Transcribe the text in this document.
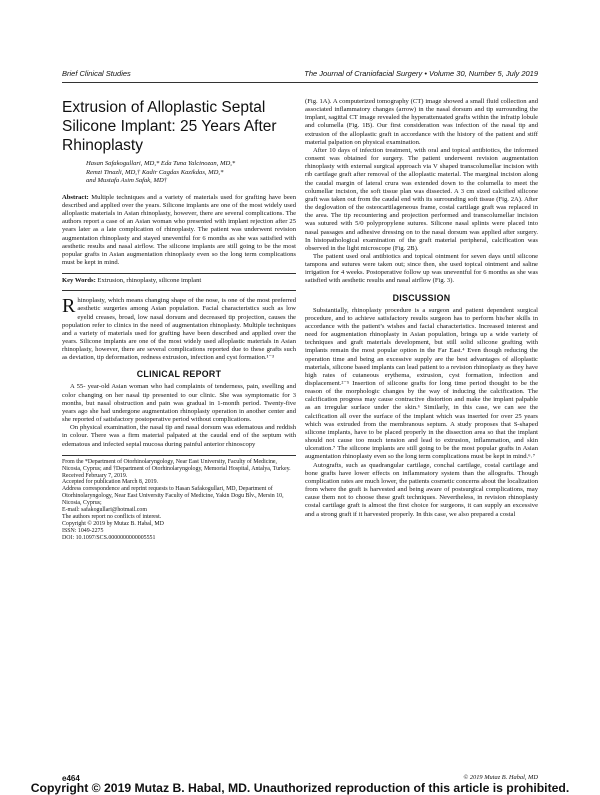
Brief Clinical Studies	The Journal of Craniofacial Surgery • Volume 30, Number 5, July 2019
Extrusion of Alloplastic Septal Silicone Implant: 25 Years After Rhinoplasty
Hasan Safakogullari, MD,* Eda Tuna Yalcinozan, MD,*
Remzi Tinazli, MD,† Kadir Cagdas Kazikdas, MD,*
and Mustafa Asim Safak, MD†

Abstract: Multiple techniques and a variety of materials used for grafting have been described and applied over the years. Silicone implants are one of the most widely used alloplastic materials in Asian rhinoplasty, however, there are several complications. The authors report a case of an Asian woman who presented with implant rejection after 25 years later as a late complication of rhinoplasty. The patient was underwent revision augmentation rhinoplasty and stayed uneventful for 6 months as she was satisfied with aesthetic results and nasal airflow. The silicone implants are still going to be the most popular grafts in Asian augmentation rhinoplasty even so the long term complications must be kept in mind.

Key Words: Extrusion, rhinoplasty, silicone implant

Rhinoplasty, which means changing shape of the nose, is one of the most preferred aesthetic surgeries among Asian population. Facial characteristics such as low eyelid creases, broad, low nasal dorsum and decreased tip projection, causes the population refer to clinics in the need of augmentation rhinoplasty. Multiple techniques and a variety of materials used for grafting have been described and applied over the years. Silicone implants are one of the most widely used alloplastic materials in Asian rhinoplasty, however, there are several complications reported due to these grafts such as deviation, tip deformation, redness extrusion, infection and cyst formation.¹⁻³

CLINICAL REPORT

A 55- year-old Asian woman who had complaints of tenderness, pain, swelling and color changing on her nasal tip presented to our clinic. She was symptomatic for 3 months, but nasal obstruction and pain was gradual in 1-month period. Twenty-five years ago she had undergone augmentation rhinoplasty operation in another center and she reported of satisfactory postoperative period without complications.

On physical examination, the nasal tip and nasal dorsum was edematous and reddish in colour. There was a firm material palpated at the caudal end of the septum with edematous and infected septal mucosa during painful anterior rhinoscopy

From the *Department of Otorhinolaryngology, Near East University, Faculty of Medicine, Nicosia, Cyprus; and †Department of Otorhinolaryngology, Memorial Hospital, Antalya, Turkey.

Received February 7, 2019.

Accepted for publication March 8, 2019.

Address correspondence and reprint requests to Hasan Safakogullari, MD, Department of Otorhinolaryngology, Near East University Faculty of Medicine, Yakin Dogu Blv., Mersin 10, Nicosia, Cyprus;

E-mail: safakogullari@hotmail.com

The authors report no conflicts of interest.

Copyright © 2019 by Mutaz B. Habal, MD

ISSN: 1049-2275

DOI: 10.1097/SCS.0000000000005551

(Fig. 1A). A computerized tomography (CT) image showed a small fluid collection and associated inflammatory changes (arrow) in the nasal dorsum and tip surrounding the implant, sagittal CT image revealed the hyperattenuated grafts within the infratip lobule and columella (Fig. 1B). Our first consideration was infection of the nasal tip and extrusion of the alloplastic graft in accordance with the history of the patient and stiff material palpation on physical examination.

After 10 days of infection treatment, with oral and topical antibiotics, the informed consent was obtained for surgery. The patient underwent revision augmentation rhinoplasty with external surgical approach via V shaped transcolumellar incision with rib cartilage graft after removal of the alloplastic material. The marginal incision along the caudal margin of lateral crura was extended down to the columella to meet the columellar incision, the soft tissue plan was dissected. A 3 cm sized calcified silicone graft was taken out from the caudal end with its surrounding soft tissue (Fig. 2A). After the deglovation of the osteocartilageneous frame, costal cartilage graft was replaced in the area. The tip recountering and projection performed and transcolumellar incision was sutured with 5/0 polypropylene sutures. Silicone nasal splints were placed into nasal passages and adhesive dressing on to the nasal dorsum was applied after surgery. In histopathological examination of the graft material peripheral, calcification was observed in the light microscope (Fig. 2B).

The patient used oral antibiotics and topical ointment for seven days until silicone tampons and sutures were taken out; since then, she used topical ointment and saline irrigation for 4 weeks. Postoperative follow up was uneventful for 6 months as she was satisfied with aesthetic results and nasal airflow (Fig. 3).

DISCUSSION

Substantially, rhinoplasty procedure is a surgeon and patient dependent surgical procedure, and to achieve satisfactory results surgeon has to perform his/her skills in accordance with the patient’s wishes and facial characteristics. Increased interest and need for augmentation rhinoplasty in Asian population, brings up a wide variety of techniques and graft materials development, but still solid silicone grafting with implants remain the most popular option in the Far East.⁴ Even though reducing the operation time and being an excessive supply are the best advantages of alloplastic materials, silicone based implants can lead patient to a revision rhinoplasty as they have high rates of cutaneous erythema, extrusion, cyst formation, infection and displacement.²⁻⁵ Insertion of silicone grafts for long time period thought to be the reason of the morphologic changes by the way of inducing the calcification. The calcification progress may cause contractive distortion and make the implant palpable as an irregular surface under the skin.⁶ Similarly, in this case, we can see the calcification all over the surface of the implant which was inserted for over 25 years which was extruded from the membranous septum. A study proposes that S-shaped silicone implants, have to be placed properly in the dissection area so that the implant should not cause too much tension and lead to extrusion, inflammation, and skin ulceration.⁷ The silicone implants are still going to be the most popular grafts in Asian augmentation rhinoplasty even so the long term complications must be kept in mind.⁶˒⁷

Autografts, such as quadrangular cartilage, conchal cartilage, costal cartilage and bone grafts have lower effects on inflammatory system than the allografts. Though complication rates are much lower, the patients cosmetic concerns about the localization from where the graft is harvested and being aware of postsurgical complications, may cause them not to choose these graft techniques. Nevertheless, in revision rhinoplasty costal cartilage graft is almost the first choice for surgeons, it can supply an excessive and a strong graft if it harvested properly. In this case, we also prepared a costal

e464	© 2019 Mutaz B. Habal, MD
Copyright © 2019 Mutaz B. Habal, MD. Unauthorized reproduction of this article is prohibited.
